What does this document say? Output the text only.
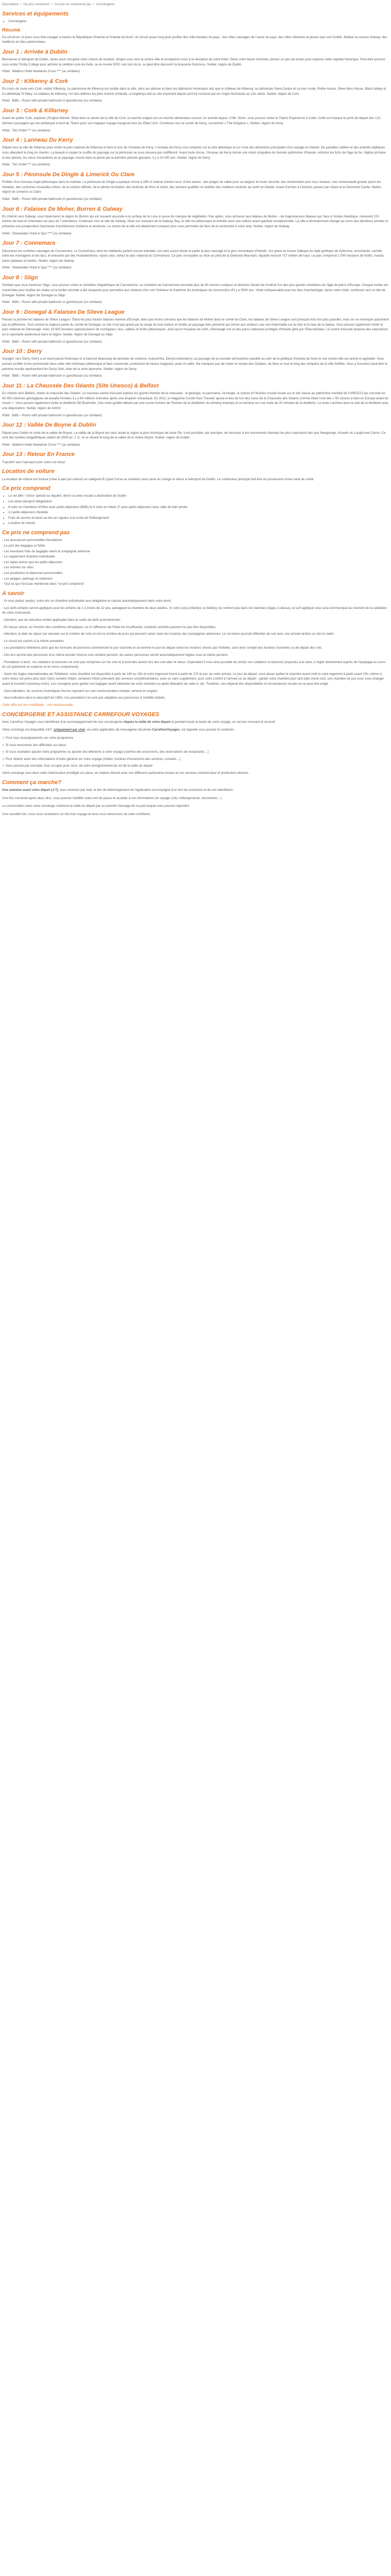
Description / Ce prix comprend / Ce prix ne comprend pas / Conciergerie
Services et équipements
• Conciergerie
Résumé

Ce circuit en 13 jours vous fera voyager à travers la République d'Irlande et l'Irlande du Nord. Un circuit assez long pour profiter des mille facettes du pays : des villes sauvages de l'ouest du pays, des villes vibrantes et jeunes que sont Dublin, Belfast ou encore Galway, des traditions et sites patrimoniaux.

Jour 1 : Arrivée à Dublin

Bienvenue à l'aéroport de Dublin. Après avoir récupéré votre voiture de location, dirigez-vous vers le centre-ville et enregistrez-vous à la réception de votre hôtel. Selon votre heure d'arrivée, prenez un peu de temps pour explorer cette capitale historique. Peut-être pourrez-vous visiter Trinity College pour admirer le célèbre Livre de Kells, ou le musée EPIC noir bon de la, ou peut-être découvrir la brasserie Guinness. Nuitée: région de Dublin

Hôtel : Maldron Hotel Newlands Cross *** (ou similaire)
Jour 2 : Kilkenny & Cork

En cours de route vers Cork, visitez Kilkenny. Le patrimoine de Kilkenny est visible dans la ville, dans les abimas et dans les bâtiments historiques tels que le château de Kilkenny, la cathédrale Saint-Canice et sa tour ronde, Rothe House, Shee Alms House, Black Abbey et la cathédrale St Mary. Le château de Kilkenny, l'un des édifices les plus récents d'Irlande, a longtemps été un site important depuis qu'il fut construit par les Anglo-Normands au 12e siècle. Nuitée: région de Cork

Hôtel : B&B – Room with private bathroom in guesthouse (ou similaire)
Jour 3 : Cork & Killarney

Avant de quitter Cork, explorez ('English Market, Situé dans le centre de la ville de Cork, le marché anglais est un marché alimentaire couvert, en activité depuis 1788. Sinon, vous pouvez visiter le Titanic Experience à Cobh. Cobh est marque le point de départ des 123 derniers passagers qui ont embarqué à bord du Titanic pour son tragique voyage inaugural vers les États-Unis. Continuez vers la comté de Kerry, surnommé « The Kingdom ». Nuitée: région de Kerry

Hôtel : Torc Hotel *** (ou similaire)
Jour 4 : Lanneau Du Kerry

Départ vers la ville de Killarney pour visiter le parc national de Killarney et faire le tour de l'Anneau de Kerry. L'Anneau de Kerry vous emporte sur la côte atlantique et sur l'une des attractions principales d'un voyage en Irlande. De paisibles vallées et des endroits idylliques vous attendent le long du chemin. La beauté à couper le souffle du paysage sur la péninsule ne vous laissera pas indifférent. Avant toute chose, l'Anneau de Kerry donne une vision singulière de l'ancien patrimoine d'Irlande. Admirez les forts de l'âge du fer, l'église primaire et des pierres, les vieux monastères et un paysage creusé dans la pierre par la dernière période glaciaire, il y a 10 000 ans. Nuitée: région de Kerry

Hôtel : Torc Hotel *** (ou similaire)
Jour 5 : Péninsule De Dingle & Limerick Ou Clare

Profitez d'un nouveau trajet pittoresque dans la matinée. La péninsule de Dingle a quelque chose à offrir à chacun d'entre nous. Entre autres : des plages de sable pour se baigner en toute sécurité, des randonnées pour tous niveaux, une communauté gravée parmi les Irlandais, des coutumes musicales riches, de la cuisine raffinée, de la pêche récréative, des festivals de films et d'arts, des artisans qualifiés et variétés des meilleurs endroits au sortir en Irlande. Avant d'arriver à Limerick, passez par Adare et le Desmond Castle. Nuitée: région de Limerick ou Clare

Hôtel : B&B – Room with private bathroom in guesthouse (ou similaire)
Jour 6 : Falaises De Moher, Burren & Galway

En chemin vers Galway, vous traverserez la région du Burren qui est souvent associée à la surface de la Lune à cause du manque de végétation. Peu après, vous arriverez aux falaises de Moher – de majestueuses falaises qui, face à l'océan Atlantique, mesurent 215 mètres de haut et s'étendent sur plus de 7 kilomètres. Continuez vers la ville de Galway. Situé sur l'estuaire de la Galway. Bay, la ville est pittoresque et animée avec une culture avant-gardiste exceptionnelle. La ville a étonnamment changé au cours des dernières années et présente une juxtaposition fascinante d'architecture moderne et ancienne. Le centre de la ville est idéalement compact pour vous permettre de faire de la randonnée à votre aise. Nuitée: région de Galway

Hôtel : Shearwater Hotel & Spa **** (ou similaire)
Jour 7 : Connemara

Découvrez les contrées sauvages du Connemara. Le Connemara, dont les habitants parlent encore irlandais, est sans aucun doute la partie la plus sauvage et la plus romantique d'Irlande. Sur place se trouve l'abbaye du style gothique de Kylemore, envoûtante, cachée entre les montagnes et les lacs, et entourée par des rhododendrons. Après cela, visitez le parc national du Connemara. Ce parc incroyable se situe au pied de la Diamond Mountain, laquelle mesure 727 mètres de haut. Le parc comprend 1 500 hectares de forêts, marais, hauts plateaux et landes. Nuitée: région de Galway

Hôtel : Shearwater Hotel & Spa **** (ou similaire)
Jour 8 : Sligo

Pendant que vous traversez Sligo, vous pouvez visiter le cimetière mégalithique de Carrowmore. Le cimetière de Carrowmore possède plus de 60 cercles rustiques et dolmens faisant de l'endroit l'un des plus grands cimetières de l'âge de pierre d'Europe. Chaque tombe est numérotée pour faciliter les visites et la tombe centrale a été restaurée pour permettre aux visiteurs d'en voir l'intérieur et d'admirer les techniques de construction d'il y a 5000 ans. Visite indispensable pour les fans d'archéologie. Après votre visite, continuez vers la ville de Donegal. Nuitée: région de Donegal ou Sligo

Hôtel : B&B – Room with private bathroom in guesthouse (ou similaire)
Jour 9 : Donegal & Falaises De Slieve League

Passez la journée les falaises de Slieve League ! Étant les plus hautes falaises marines d'Europe, bien que moins connues que les falaises de Moher dans le comté de Clare, les falaises de Slieve League sont presque trois fois plus grandes, mais on ne remarque quasiment pas la différence. Tout comme la majeure partie du comté de Donegal, ce site n'est pas gravé par la vierge du tout visiteur et révèle un paysage bien préservé qui donne aux visiteurs une vue imprenable sur la côte et la face de la falaise. Vous pouvez également visiter le parc national de Glenveagh. Avec 16 500 hectares spectaculaires de montagnes, lacs, vallées et forêts pittoresques, ainsi qu'un troupeau de cerfs, Glenveagh est un des parcs nationaux protégés d'Irlande géré par l'État irlandais. Le centre d'accueil propose des expositions et un spectacle audiovisuel dans la région. Nuitée: région de Donegal ou Sligo

Hôtel : B&B – Room with private bathroom in guesthouse (ou similaire)
Jour 10 : Derry

Voyagez vers Derry. Derry a un lourd passé historique et a traversé beaucoup de périodes de violence. Aujourd'hui, Derry/Londonderry, au passage de la nouvelle atmosphère paisible au sein de la politique d'Irlande du Nord et son centre-ville est animé et agréable. Vous pouvez profiter d'une promenade dans cette ville historique pittoresque et bien conservée, produisant de beaux magasins, pubs et cafés. Ne manquez pas de visiter le musée des Outlaws, de faire un tour le long des remparts de la ville fortifiée. Vous y trouverez peut-être la peinture murale représentant les Derry Girls, tirée de la série éponyme. Nuitée: région de Derry

Hôtel : B&B – Room with private bathroom in guesthouse (ou similaire)
Jour 11 : La Chaussée Des Géants (Site Unesco) & Belfast

En chemin vers Belfast, visitez la chaussée des Géants. Le nouveau centre d'accueil explore les grands thèmes de la chaussée : la géologie, le panorama, l'écologie, la culture et l'histoire sociale locale sur le site classé au patrimoine mondial de l'UNESCO qui consiste en 40 000 colonnes géologiques de basalte formées il y a 60 millions d'années après une éruption volcanique. En 2011, le magazine Condé Nast Traveler ajouta le lieu de l'un des Lieux de la Chaussée des Géants comme étant l'une des « 50 choses à faire en Europe avant de mourir ». Vous pouvez également visiter la distillerie Old Bushmills. Une visite guidée débute par une courte histoire de l'histoire de la distillation du whiskey irlandais et se termine sur une visite de 20 minutes de la distillerie. La visite s'achève dans le pub de la distillerie avec une dégustation. Nuitée: région de Antrim

Hôtel : B&B – Room with private bathroom in guesthouse (ou similaire)
Jour 12 : Vallée De Boyne & Dublin

Départ pour Dublin et visite de la vallée de Boyne. La vallée de la Boyne est sans doute la région la plus historique de toute l'île. Il est possible, par exemple, de retrouver à lire monuments irlandais les plus importants tels que Newgrange, Knowth ou Loughcrew Cairns. Ce sont des tombes mégalithiques datant de 2500 av. J.-C. et se situant le long de la vallée de la rivière Boyne. Nuitée: région de Dublin

Hôtel : Maldron Hotel Newlands Cross *** (ou similaire)
Jour 13 : Retour En France

Transfert vers l'aéroport pour votre vol retour.

Location de voiture

La location de voiture est incluse (mise à part par voiture) en catégorie B (Opel Corsa ou similaire) avec prise en charge et retour à l'aéroport de Dublin. Le conducteur principal doit être en possession d'une carte de crédit.

Ce prix comprend
• Le vol aller / retour spécial ou régulier, direct ou avec escale à destination de Dublin
• Les taxes aéroport obligatoires
• 8 nuits en chambres d'hôtes avec petits-déjeuners (B&B) et 4 nuits en hôtels 3* avec petits-déjeuners avec salle de bain privée
• 12 petits-déjeuners irlandais
• Frais de service et taxes au lieu en vigueur à la sortie de l'hébergement
• Location de voiture
Ce prix ne comprend pas
- Les assurances personnelles facultatives
- Le port des bagages à l'hôtel
- Les éventuels frais de bagages selon la compagnie aérienne
- Le supplément chambre individuelle
- Les repas autres que les petits-déjeuners
- Les entrées sur sites
- Les pourboires et dépenses personnelles
- Les péages, parkings et carburant
- Tout ce qui n'est pas mentionné dans "ce prix comprend"
A savoir

- Si vous partez seul(e), votre prix en chambre individuelle sera obligatoire et calculé automatiquement dans votre devis.

- Les tarifs enfants seront appliqués pour les enfants de 2 à moins de 12 ans, partageant la chambre de deux adultes. Si votre (vos) enfant(s) ou bébé(s) ne rentrent pas dans les tranches d'âges ci-dessus, le tarif appliqué vous sera communiqué au moment de la validation de votre commande.

- Attention, pas de réduction enfant applicable dans le cadre de tarifs promotionnels.

- En basse saison, en fonction des conditions climatiques, ou si l'affluence de l'hôtel est insuffisante, certaines activités peuvent ne pas être disponibles.

- Attention, la date du séjour est calculée sur le nombre de nuits et non le nombre de jours qui peuvent varier selon les horaires des compagnies aériennes. Le vol retour pourrait réfléchier de nuit avec une arrivée tardive ou très le matin.

- Le circuit est soumis à la même prestation.

- Les prestations hôtelières ainsi que les formules de pensions commencent le jour d'arrivée et se termine le jour du départ selon les horaires checks par l'hôtelier, sans tenir compte des horaires d'arrivées ou de départ des vols.

- Dès lors qu'une des personnes d'un même dossier réserve une certaine pension, les autres personnes seront automatiquement logées sous la même pension.

- Prestations à bord : les collations et boissons ne sont pas comprises sur les vols et à bord des avions lors des vols aller et retour. Cependant il vous sera possible de choisir vos collations et boissons proposés à la carte, à régler directement auprès de l'équipage au cours du vol (paiement en espèces et en euros uniquement).

- Selon les règles internationales de l'hôtellerie, votre chambre est disponible à partir de 14h ou 15h et votre logement fourni à partir de 17h le jour de votre arrivée. Le jour du départ, vous devez quitter la chambre avant midi et votre logement à partir avant 10h, même si votre retour est prévu plus tard. Dans certains hôtels, certaines hôtels prévoient des services complémentaires, avec ou sans supplément, pour votre confort à l'arrivée ou au départ : garder votre chambre plus tard (late check-out), une chambre de jour pour vous changer avant le transfert (courtesy room). Les consignes pour garder vos bagages avant obtention de votre chambre ou après libération de celle-ci, etc. Toutefois, ceci dépend des disponibilités et circonstances locales et ne peut être exigé.

- Seul indication, les services touristiques fournis reposent sur une communication verbale, servent en anglais.

- Seul indication dans le descriptif de l'offre, nos prestations ne sont pas adaptées aux personnes à mobilité réduite.

Cette offre est non modifiable – non remboursable

CONCIERGERIE ET ASSISTANCE CARREFOUR VOYAGES

Avec Carrefour Voyages vous bénéficiez d'un accompagnement de nos conciergeries depuis la veille de votre départ et pendant toute la durée de votre voyage, un service innovant et exclusif.

Votre concierge est disponible 24/7, uniquement par chat, via votre application de messagerie sécurisée CarrefourVoyages, sur laquelle vous pouvez le contacter :

✓ Pour tous renseignements sur votre programme

✓ Si vous rencontrez des difficultés sur place

✓ Si vous souhaitez ajouter votre programme ou ajouter des éléments à votre voyage (comme des excursions, des réservations de restaurants…)

✓ Pour obtenir avoir des informations d'ordre général sur votre voyage (météo, horaires d'ouvertures des services, conseils…)

✓ Vous pouvez par exemple, tous occuper pour vous, de votre enregistrement de vol de la veille du départ

Votre concierge sera alors votre interlocuteur privilégié sur place, en relation directe avec nos différents partenaires locaux et nos services commerciaux et production internes.

Comment ça marche?

Une semaine avant votre départ (J-7), vous recevrez par mail, le lien de téléchargement de l'application accompagné d'un lien de connexion et de vos identifiants.

Une fois connecté après deux clics, vous pourrez modifier votre mot de passe et accéder à vos informations de voyage (vols, hébergements, documents…).

La conversation avec votre concierge s'activera la veille du départ par un premier message de sa part auquel vous pourrez répondre.

Une nouvelle fois, nous vous souhaitons un très bon voyage et nous vous remercions de votre confiance.
